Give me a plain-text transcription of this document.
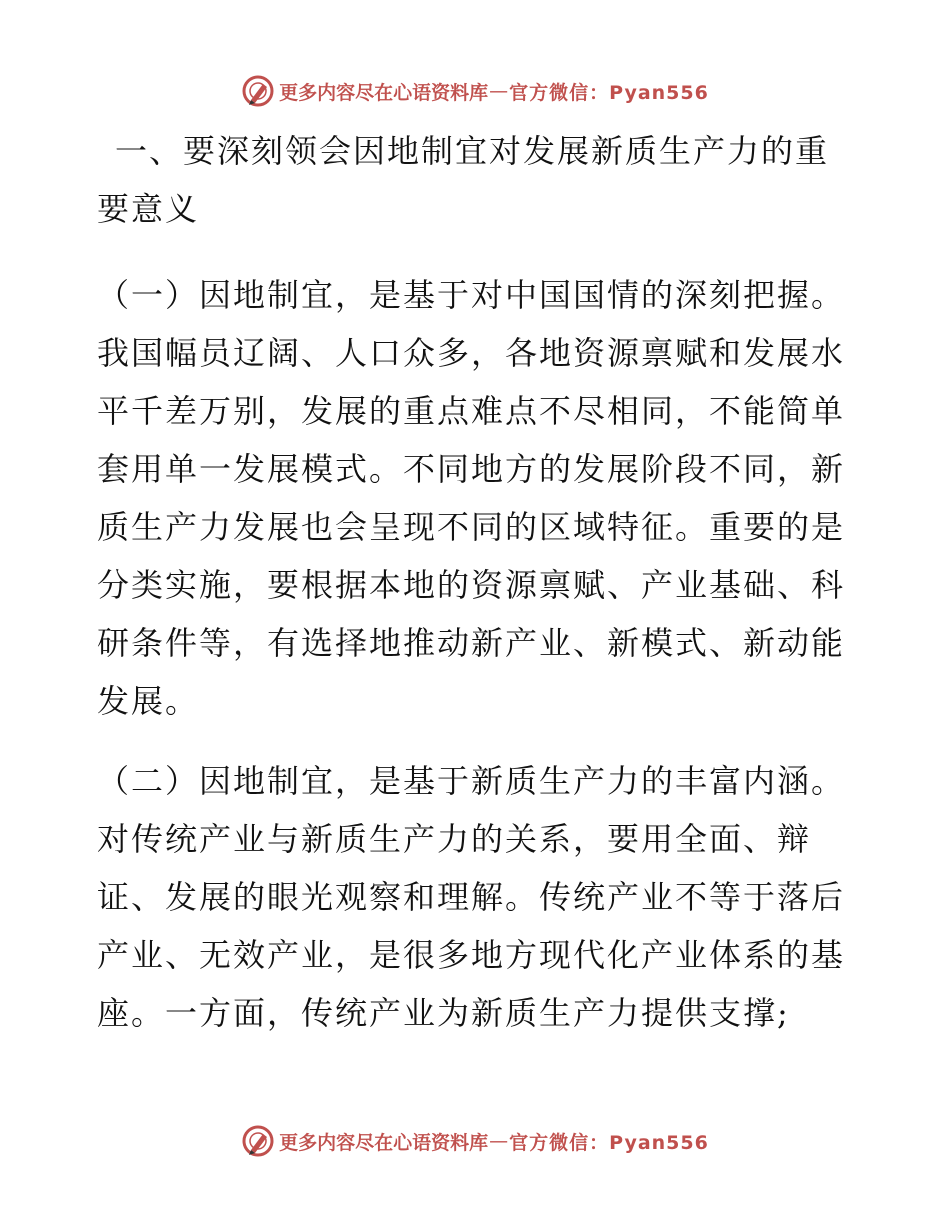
更多内容尽在心语资料库 — 官方微信：Pyan556

一、要深刻领会因地制宜对发展新质生产力的重要意义

（一）因地制宜，是基于对中国国情的深刻把握。我国幅员辽阔、人口众多，各地资源禀赋和发展水平千差万别，发展的重点难点不尽相同，不能简单套用单一发展模式。不同地方的发展阶段不同，新质生产力发展也会呈现不同的区域特征。重要的是分类实施，要根据本地的资源禀赋、产业基础、科研条件等，有选择地推动新产业、新模式、新动能发展。

（二）因地制宜，是基于新质生产力的丰富内涵。对传统产业与新质生产力的关系，要用全面、辩证、发展的眼光观察和理解。传统产业不等于落后产业、无效产业，是很多地方现代化产业体系的基座。一方面，传统产业为新质生产力提供支撑;

更多内容尽在心语资料库 — 官方微信：Pyan556
